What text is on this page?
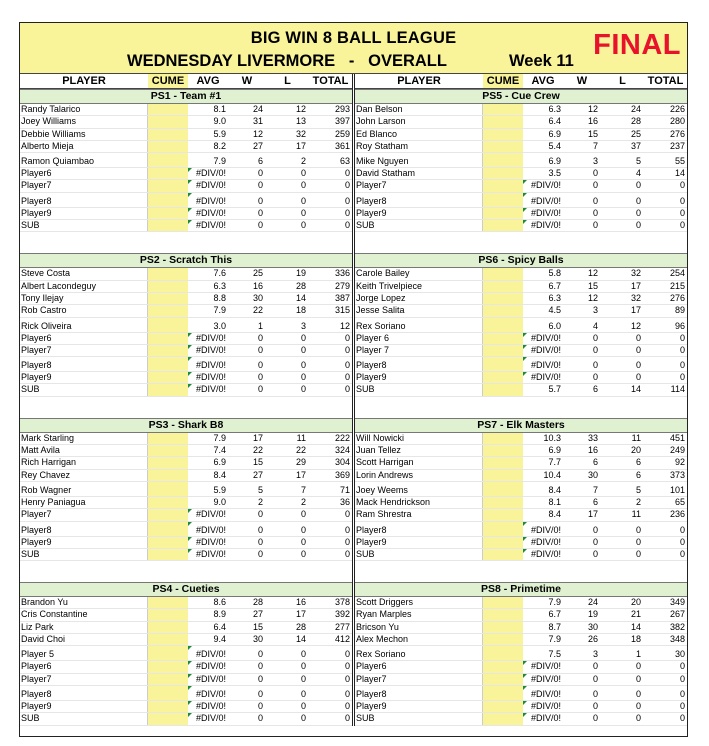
BIG WIN 8 BALL LEAGUE
WEDNESDAY LIVERMORE   -   OVERALL	Week 11 FINAL
PLAYER	CUME	AVG	W	L	TOTAL
PS1 - Team #1
Randy Talarico	8.1	24	12	293
Joey Williams	9.0	31	13	397
Debbie Williams	5.9	12	32	259
Alberto Mieja	8.2	27	17	361
Ramon Quiambao	7.9	6	2	63
Player6	#DIV/0!	0	0	0
Player7	#DIV/0!	0	0	0
Player8	#DIV/0!	0	0	0
Player9	#DIV/0!	0	0	0
SUB	#DIV/0!	0	0	0
PS2 - Scratch This
Steve Costa	7.6	25	19	336
Albert Lacondeguy	6.3	16	28	279
Tony Ilejay	8.8	30	14	387
Rob Castro	7.9	22	18	315
Rick Oliveira	3.0	1	3	12
Player6	#DIV/0!	0	0	0
Player7	#DIV/0!	0	0	0
Player8	#DIV/0!	0	0	0
Player9	#DIV/0!	0	0	0
SUB	#DIV/0!	0	0	0
PS3 - Shark B8
Mark Starling	7.9	17	11	222
Matt Avila	7.4	22	22	324
Rich Harrigan	6.9	15	29	304
Rey Chavez	8.4	27	17	369
Rob Wagner	5.9	5	7	71
Henry Paniagua	9.0	2	2	36
Player7	#DIV/0!	0	0	0
Player8	#DIV/0!	0	0	0
Player9	#DIV/0!	0	0	0
SUB	#DIV/0!	0	0	0
PS4 - Cueties
Brandon Yu	8.6	28	16	378
Cris Constantine	8.9	27	17	392
Liz Park	6.4	15	28	277
David Choi	9.4	30	14	412
Player 5	#DIV/0!	0	0	0
Player6	#DIV/0!	0	0	0
Player7	#DIV/0!	0	0	0
Player8	#DIV/0!	0	0	0
Player9	#DIV/0!	0	0	0
SUB	#DIV/0!	0	0	0
PLAYER	CUME	AVG	W	L	TOTAL
PS5 - Cue Crew
Dan Belson	6.3	12	24	226
John Larson	6.4	16	28	280
Ed Blanco	6.9	15	25	276
Roy Statham	5.4	7	37	237
Mike Nguyen	6.9	3	5	55
David Statham	3.5	0	4	14
Player7	#DIV/0!	0	0	0
Player8	#DIV/0!	0	0	0
Player9	#DIV/0!	0	0	0
SUB	#DIV/0!	0	0	0
PS6 - Spicy Balls
Carole Bailey	5.8	12	32	254
Keith Trivelpiece	6.7	15	17	215
Jorge Lopez	6.3	12	32	276
Jesse Salita	4.5	3	17	89
Rex Soriano	6.0	4	12	96
Player 6	#DIV/0!	0	0	0
Player 7	#DIV/0!	0	0	0
Player8	#DIV/0!	0	0	0
Player9	#DIV/0!	0	0	0
SUB	5.7	6	14	114
PS7 - Elk Masters
Will Nowicki	10.3	33	11	451
Juan Tellez	6.9	16	20	249
Scott Harrigan	7.7	6	6	92
Lorin Andrews	10.4	30	6	373
Joey Weems	8.4	7	5	101
Mack Hendrickson	8.1	6	2	65
Ram Shrestra	8.4	17	11	236
Player8	#DIV/0!	0	0	0
Player9	#DIV/0!	0	0	0
SUB	#DIV/0!	0	0	0
PS8 - Primetime
Scott Driggers	7.9	24	20	349
Ryan Marples	6.7	19	21	267
Bricson Yu	8.7	30	14	382
Alex Mechon	7.9	26	18	348
Rex Soriano	7.5	3	1	30
Player6	#DIV/0!	0	0	0
Player7	#DIV/0!	0	0	0
Player8	#DIV/0!	0	0	0
Player9	#DIV/0!	0	0	0
SUB	#DIV/0!	0	0	0
